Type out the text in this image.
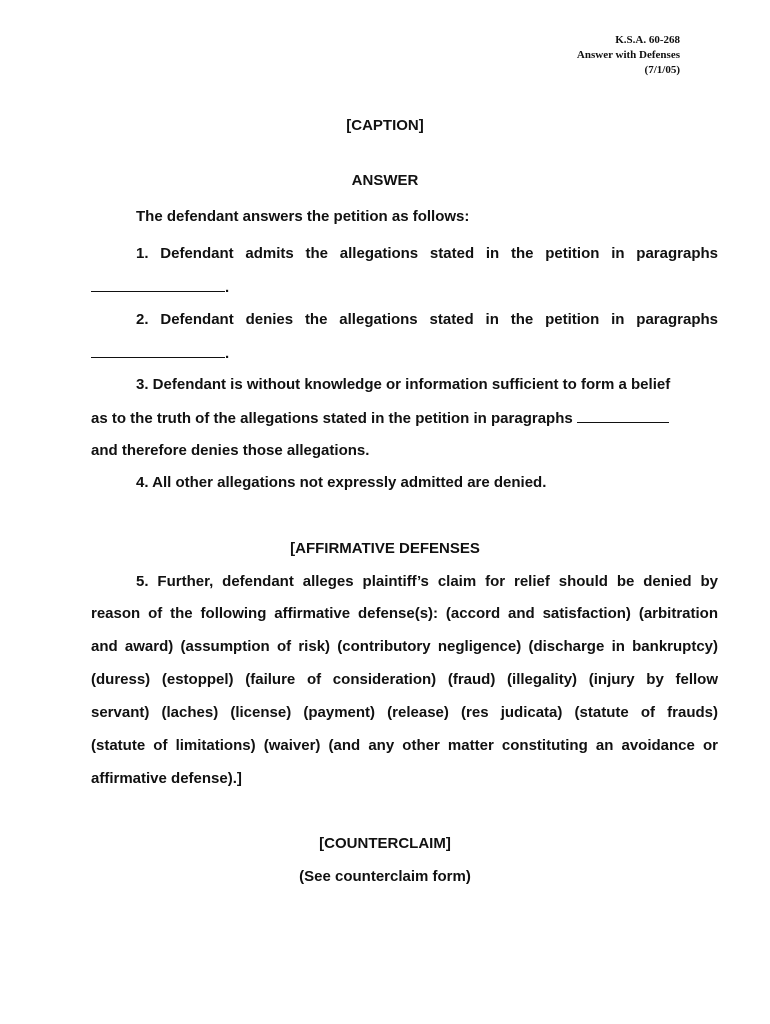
K.S.A. 60-268
Answer with Defenses
(7/1/05)
[CAPTION]
ANSWER
The defendant answers the petition as follows:
1. Defendant admits the allegations stated in the petition in paragraphs
.
2. Defendant denies the allegations stated in the petition in paragraphs
.
3. Defendant is without knowledge or information sufficient to form a belief
as to the truth of the allegations stated in the petition in paragraphs
and therefore denies those allegations.
4. All other allegations not expressly admitted are denied.
[AFFIRMATIVE DEFENSES
5. Further, defendant alleges plaintiff’s claim for relief should be denied by
reason of the following affirmative defense(s): (accord and satisfaction) (arbitration
and award) (assumption of risk) (contributory negligence) (discharge in bankruptcy)
(duress) (estoppel) (failure of consideration) (fraud) (illegality) (injury by fellow
servant) (laches) (license) (payment) (release) (res judicata) (statute of frauds)
(statute of limitations) (waiver) (and any other matter constituting an avoidance or
affirmative defense).]
[COUNTERCLAIM]
(See counterclaim form)
